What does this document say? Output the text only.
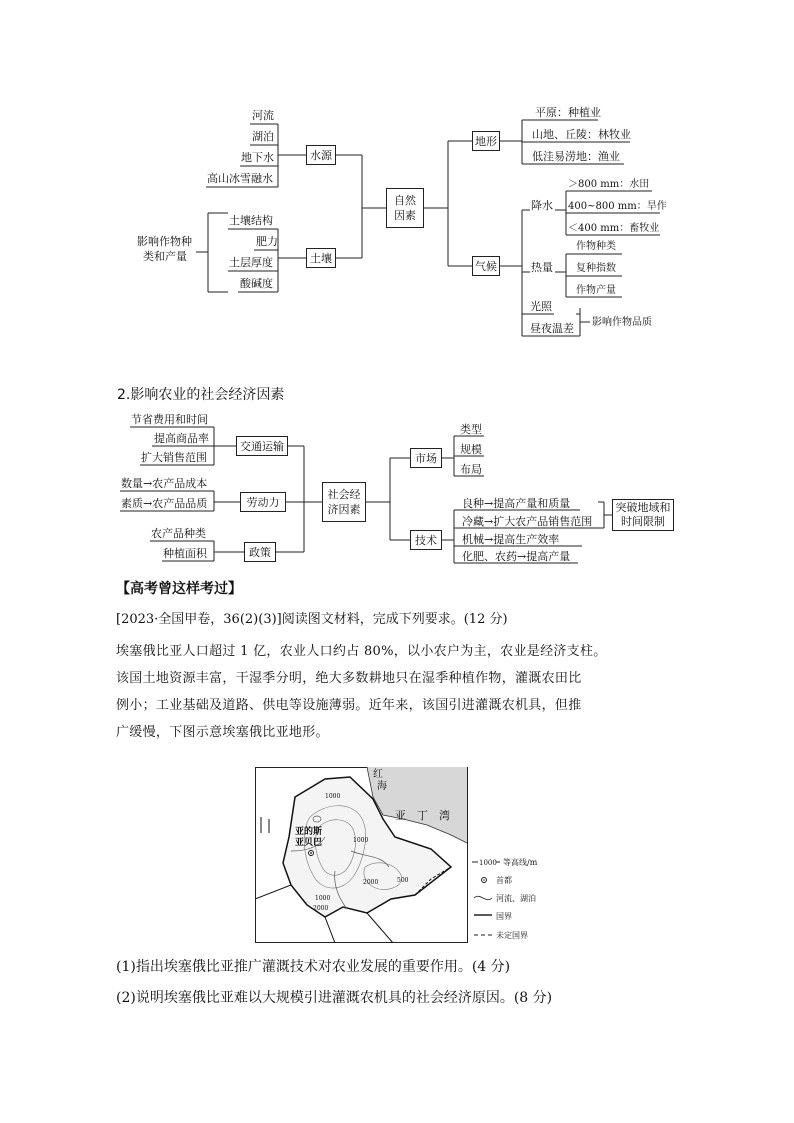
河流
湖泊
地下水
高山冰雪融水
水源
土壤结构
肥力
土层厚度
酸碱度
土壤
影响作物种
类和产量
自然
因素
地形
平原：种植业
山地、丘陵：林牧业
低洼易涝地：渔业
气候
降水
＞800 mm：水田
400~800 mm：旱作
＜400 mm：畜牧业
热量
作物种类
复种指数
作物产量
光照
昼夜温差 影响作物品质
2.影响农业的社会经济因素
节省费用和时间
提高商品率
扩大销售范围
交通运输
数量→农产品成本
素质→农产品品质	劳动力
农产品种类
种植面积	政策
社会经
济因素
市场
类型
规模
布局
技术
良种→提高产量和质量
冷藏→扩大农产品销售范围
机械→提高生产效率
化肥、农药→提高产量
突破地域和
时间限制
【高考曾这样考过】
[2023·全国甲卷，36(2)(3)]阅读图文材料，完成下列要求。(12 分)
埃塞俄比亚人口超过 1 亿，农业人口约占 80%，以小农户为主，农业是经济支柱。
该国土地资源丰富，干湿季分明，绝大多数耕地只在湿季种植作物，灌溉农田比
例小；工业基础及道路、供电等设施薄弱。近年来，该国引进灌溉农机具，但推
广缓慢，下图示意埃塞俄比亚地形。
红
海
亚　丁　湾
亚的斯
亚贝巴
1000
1000
2000	500
1000
2000
1000 等高线/m
首都
河流、湖泊
国界
未定国界
(1)指出埃塞俄比亚推广灌溉技术对农业发展的重要作用。(4 分)
(2)说明埃塞俄比亚难以大规模引进灌溉农机具的社会经济原因。(8 分)
